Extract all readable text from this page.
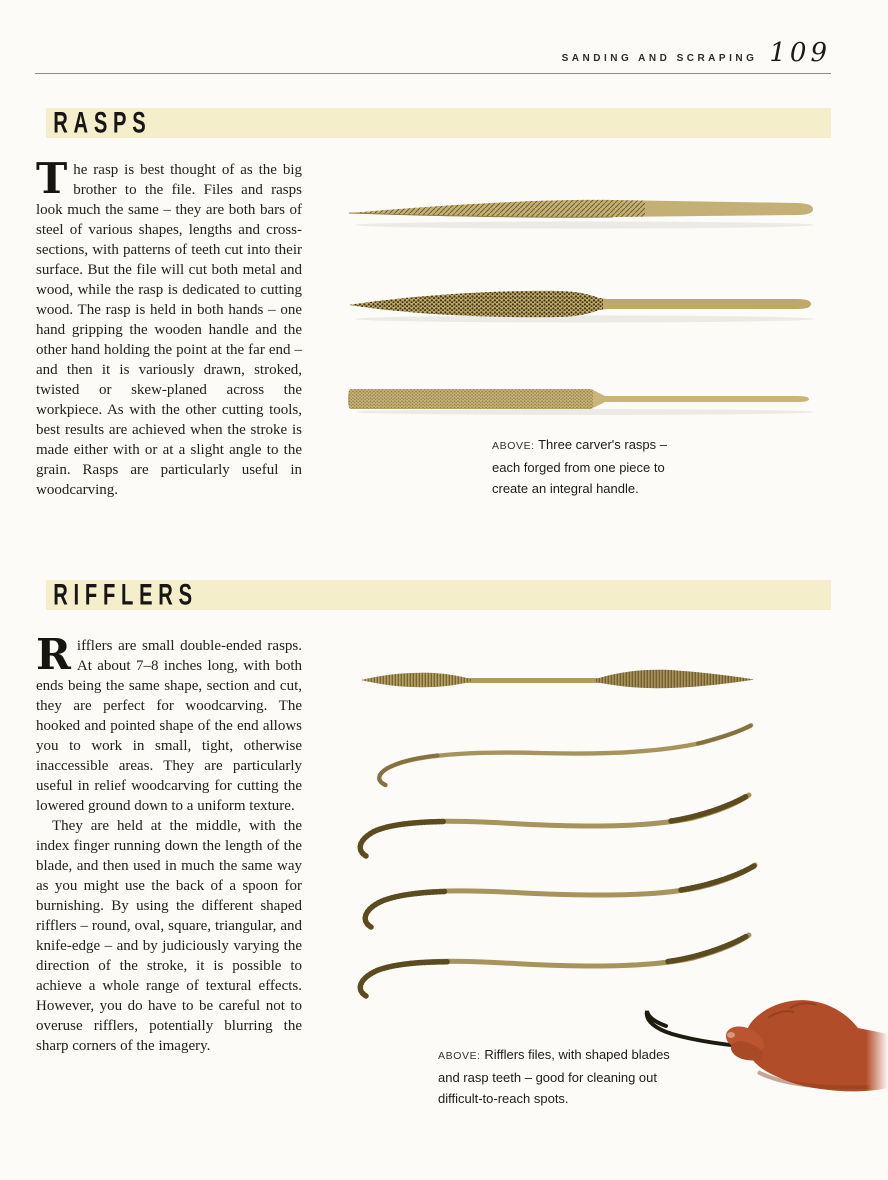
SANDING AND SCRAPING 109
RASPS

The rasp is best thought of as the big brother to the file. Files and rasps look much the same – they are both bars of steel of various shapes, lengths and cross-sections, with patterns of teeth cut into their surface. But the file will cut both metal and wood, while the rasp is dedicated to cutting wood. The rasp is held in both hands – one hand gripping the wooden handle and the other hand holding the point at the far end – and then it is variously drawn, stroked, twisted or skew-planed across the workpiece. As with the other cutting tools, best results are achieved when the stroke is made either with or at a slight angle to the grain. Rasps are particularly useful in woodcarving.

ABOVE: Three carver's rasps – each forged from one piece to create an integral handle.
RIFFLERS

Rifflers are small double-ended rasps. At about 7–8 inches long, with both ends being the same shape, section and cut, they are perfect for woodcarving. The hooked and pointed shape of the end allows you to work in small, tight, otherwise inaccessible areas. They are particularly useful in relief woodcarving for cutting the lowered ground down to a uniform texture.

They are held at the middle, with the index finger running down the length of the blade, and then used in much the same way as you might use the back of a spoon for burnishing. By using the different shaped rifflers – round, oval, square, triangular, and knife-edge – and by judiciously varying the direction of the stroke, it is possible to achieve a whole range of textural effects. However, you do have to be careful not to overuse rifflers, potentially blurring the sharp corners of the imagery.

ABOVE: Rifflers files, with shaped blades and rasp teeth – good for cleaning out difficult-to-reach spots.
